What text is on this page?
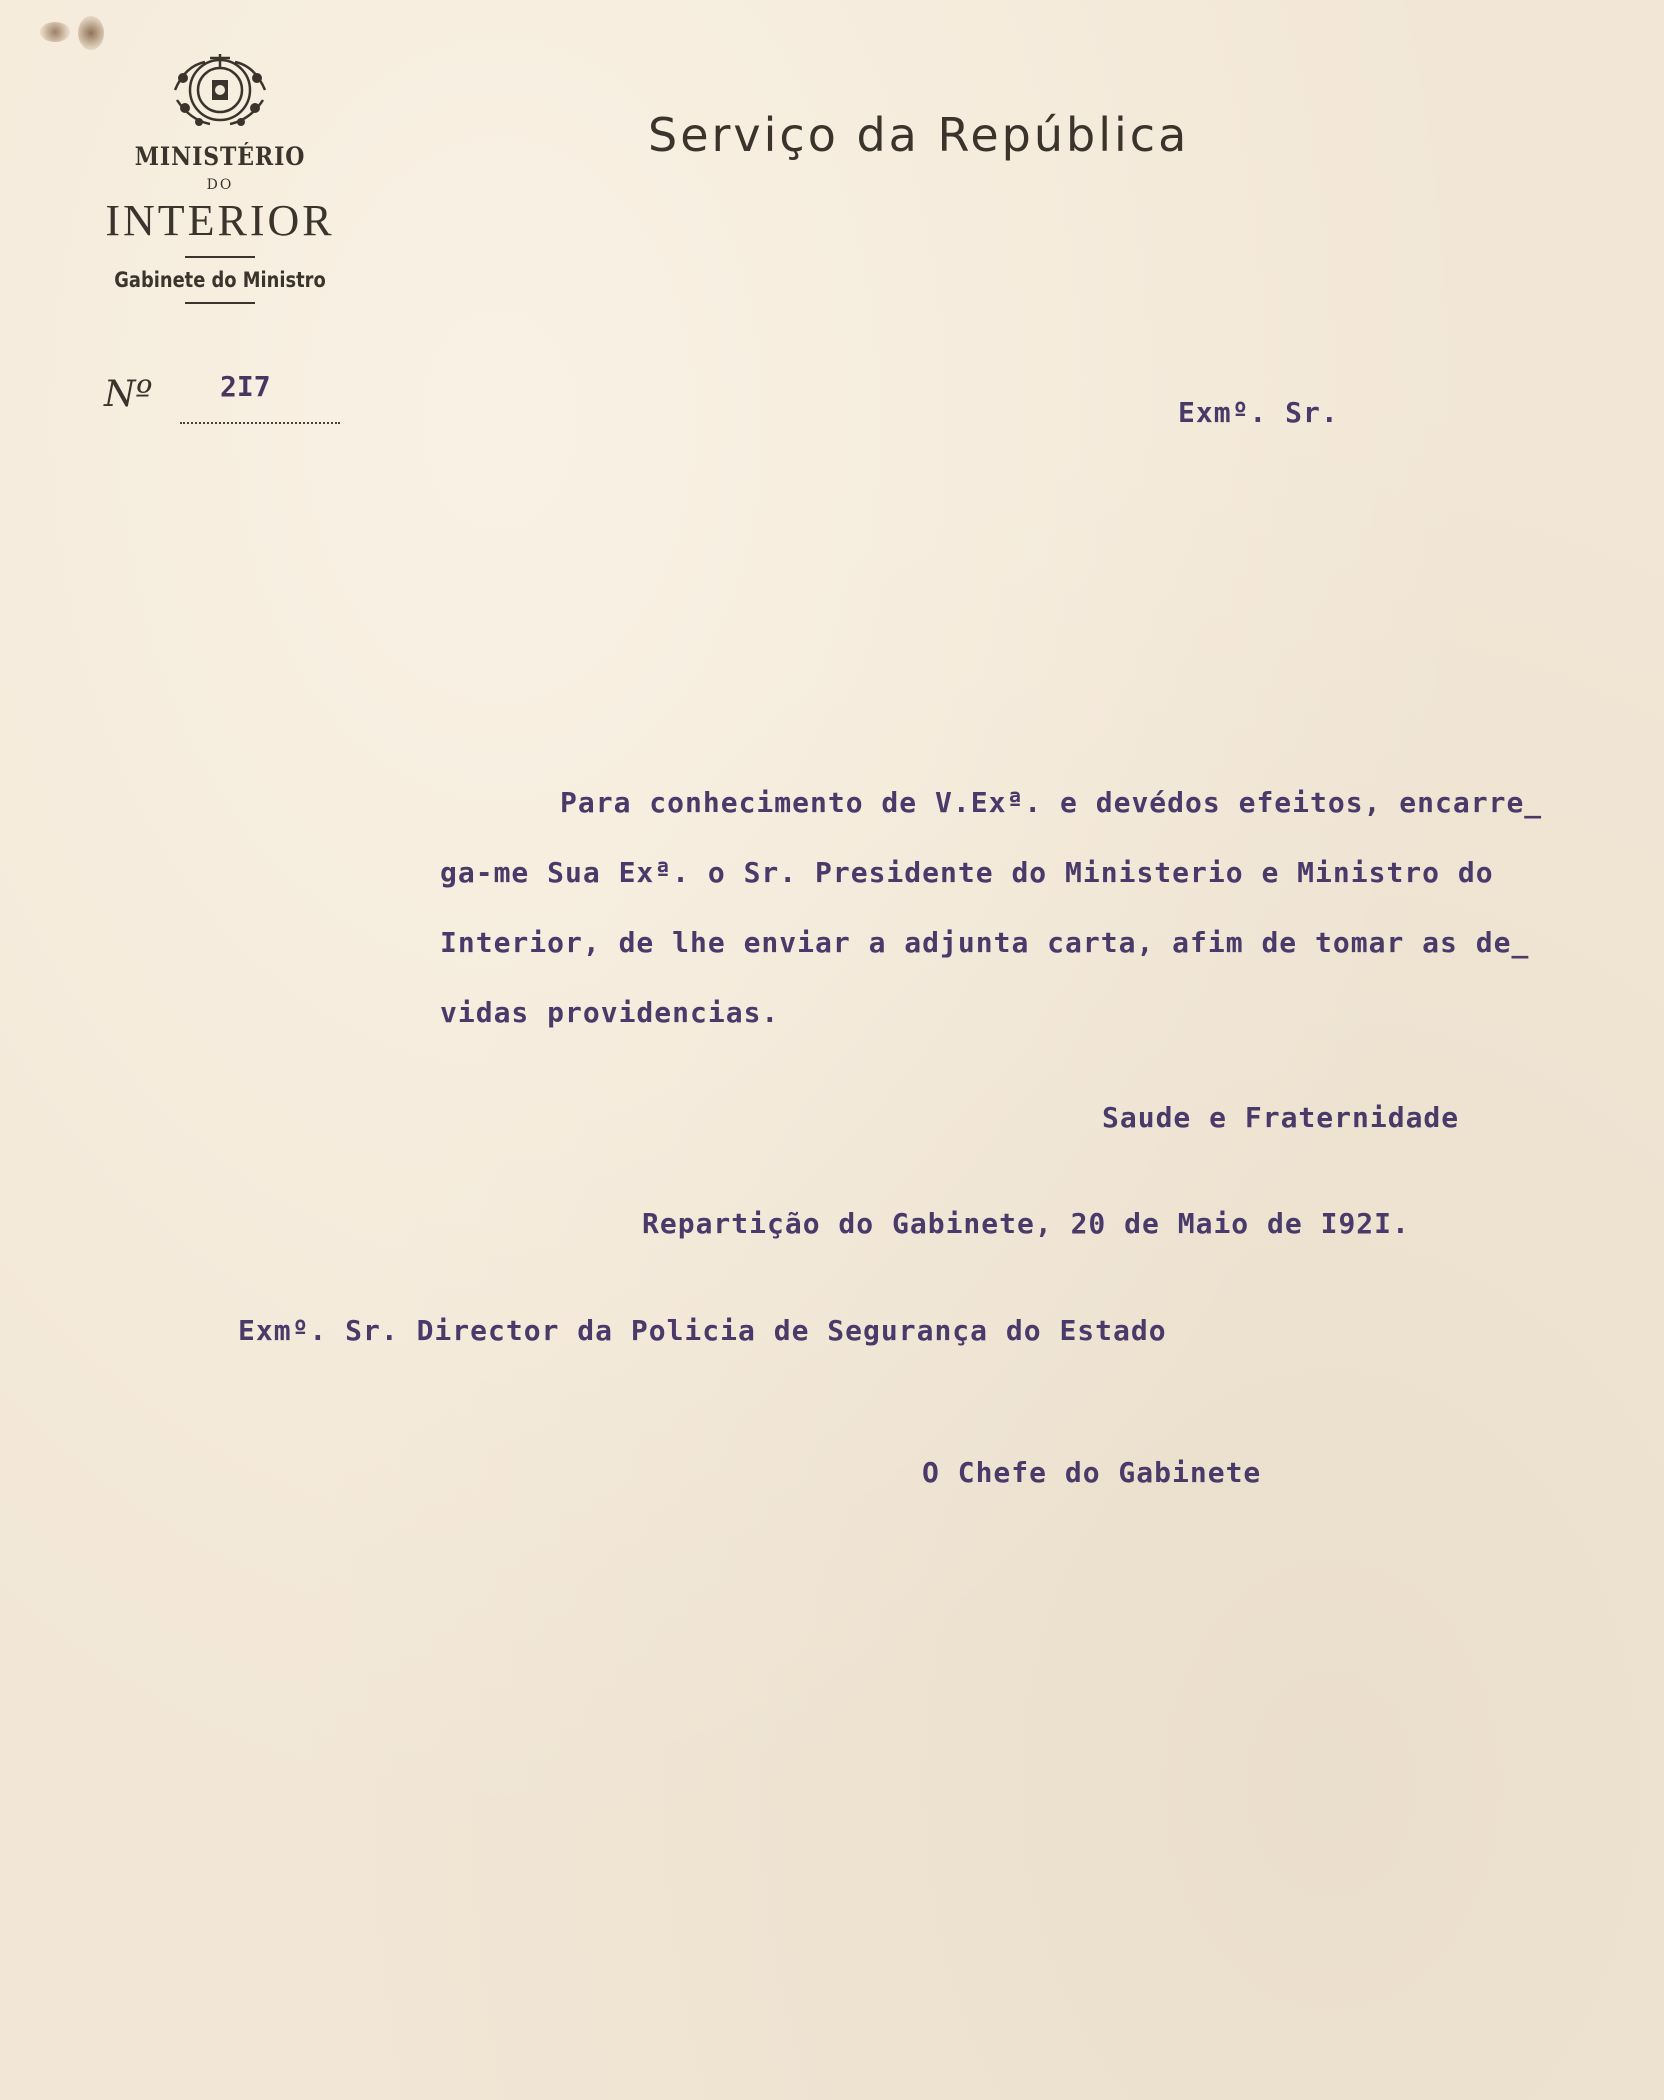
MINISTÉRIO
DO
INTERIOR
Gabinete do Ministro
Nº 2I7
Serviço da República
Exmº. Sr.
Para conhecimento de V.Exª. e devédos efeitos, encarre_
ga-me Sua Exª. o Sr. Presidente do Ministerio e Ministro do
Interior, de lhe enviar a adjunta carta, afim de tomar as de_
vidas providencias.
Saude e Fraternidade
Repartição do Gabinete, 20 de Maio de I92I.
Exmº. Sr. Director da Policia de Segurança do Estado
O Chefe do Gabinete
